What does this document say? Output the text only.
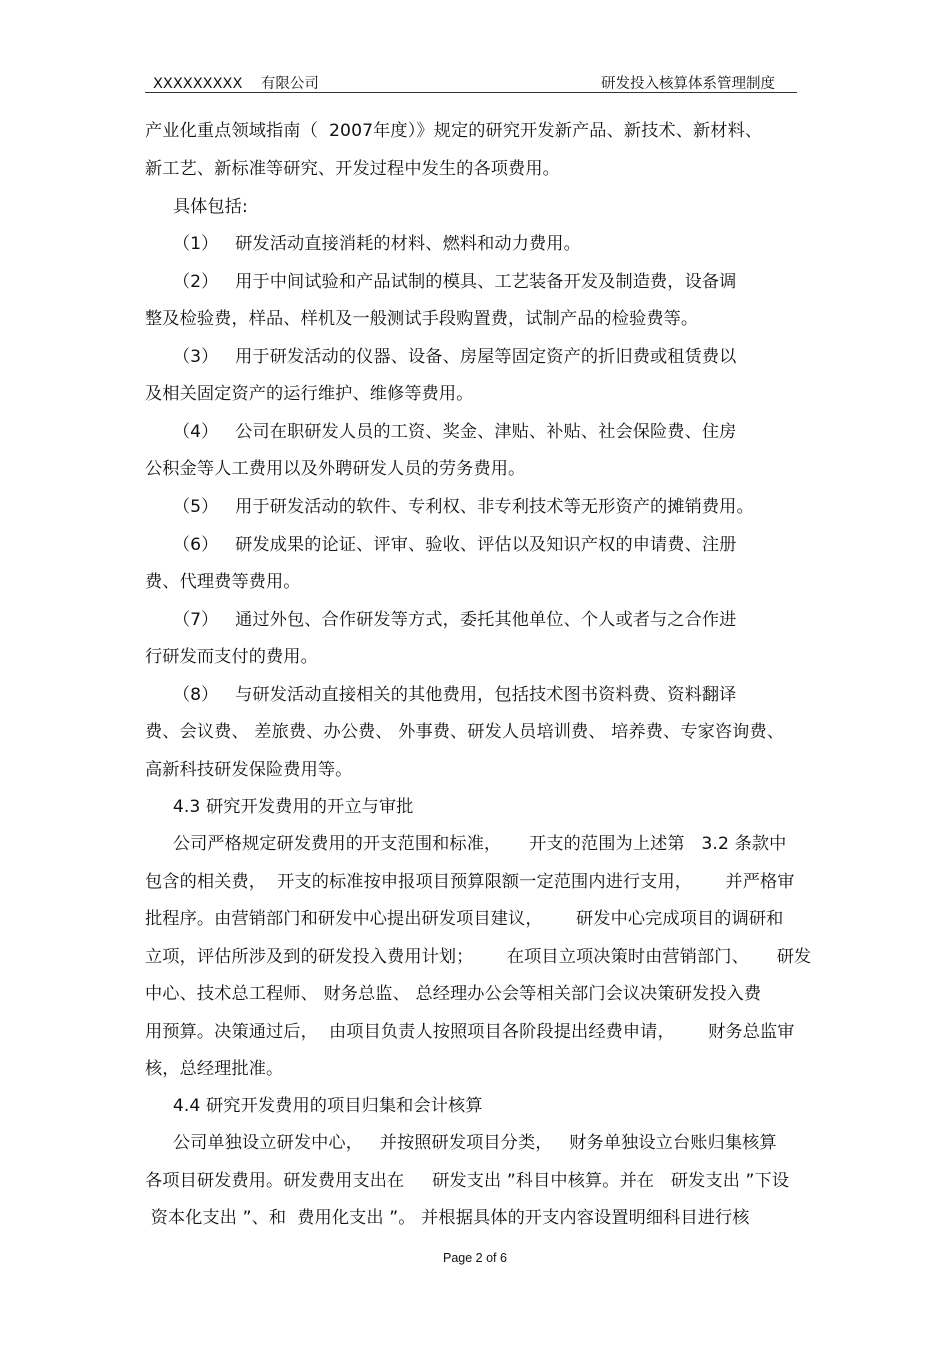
XXXXXXXXX    有限公司	研发投入核算体系管理制度
产业化重点领域指南（  2007年度）》规定的研究开发新产品、新技术、新材料、
新工艺、新标准等研究、开发过程中发生的各项费用。
具体包括:
（1）   研发活动直接消耗的材料、燃料和动力费用。
（2）   用于中间试验和产品试制的模具、工艺装备开发及制造费，设备调
整及检验费，样品、样机及一般测试手段购置费，试制产品的检验费等。
（3）   用于研发活动的仪器、设备、房屋等固定资产的折旧费或租赁费以
及相关固定资产的运行维护、维修等费用。
（4）   公司在职研发人员的工资、奖金、津贴、补贴、社会保险费、住房
公积金等人工费用以及外聘研发人员的劳务费用。
（5）   用于研发活动的软件、专利权、非专利技术等无形资产的摊销费用。
（6）   研发成果的论证、评审、验收、评估以及知识产权的申请费、注册
费、代理费等费用。
（7）   通过外包、合作研发等方式，委托其他单位、个人或者与之合作进
行研发而支付的费用。
（8）   与研发活动直接相关的其他费用，包括技术图书资料费、资料翻译
费、会议费、 差旅费、办公费、 外事费、研发人员培训费、 培养费、专家咨询费、
高新科技研发保险费用等。
4.3 研究开发费用的开立与审批
公司严格规定研发费用的开支范围和标准，     开支的范围为上述第   3.2 条款中
包含的相关费，  开支的标准按申报项目预算限额一定范围内进行支用，      并严格审
批程序。由营销部门和研发中心提出研发项目建议，      研发中心完成项目的调研和
立项，评估所涉及到的研发投入费用计划；      在项目立项决策时由营销部门、     研发
中心、技术总工程师、 财务总监、 总经理办公会等相关部门会议决策研发投入费
用预算。决策通过后，  由项目负责人按照项目各阶段提出经费申请，      财务总监审
核，总经理批准。
4.4 研究开发费用的项目归集和会计核算
公司单独设立研发中心，   并按照研发项目分类，   财务单独设立台账归集核算
各项目研发费用。研发费用支出在     研发支出 ”科目中核算。并在   研发支出 ”下设
资本化支出 ”、和  费用化支出 ”。 并根据具体的开支内容设置明细科目进行核
Page 2 of 6
